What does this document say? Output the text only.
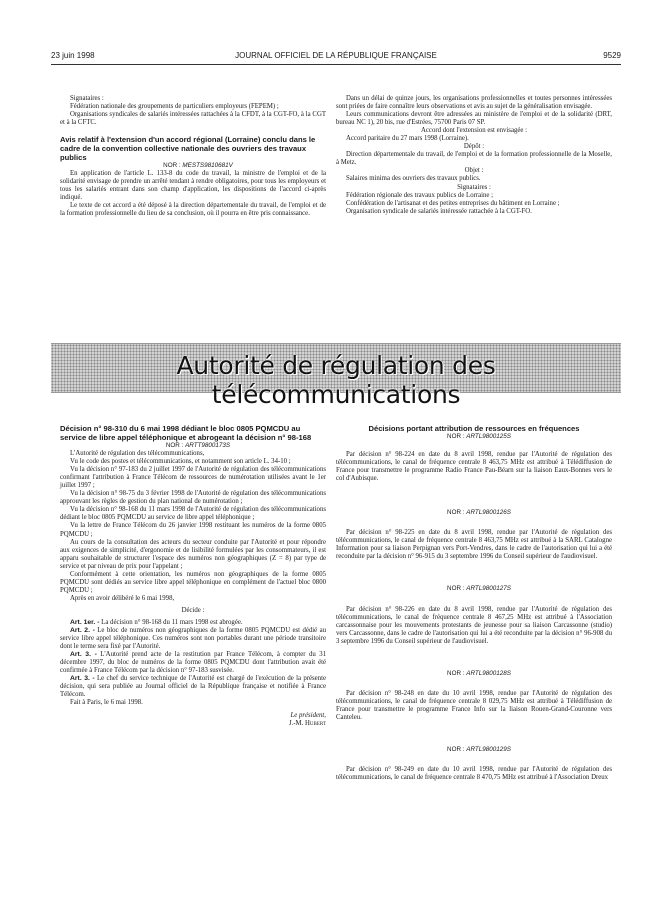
23 juin 1998	JOURNAL OFFICIEL DE LA RÉPUBLIQUE FRANÇAISE	9529

Signataires :

Fédération nationale des groupements de particuliers employeurs (FEPEM) ;

Organisations syndicales de salariés intéressées rattachées à la CFDT, à la CGT-FO, à la CGT et à la CFTC.

Avis relatif à l'extension d'un accord régional (Lorraine) conclu dans le cadre de la convention collective nationale des ouvriers des travaux publics

NOR : MESTS9810681V

En application de l'article L. 133-8 du code du travail, la ministre de l'emploi et de la solidarité envisage de prendre un arrêté tendant à rendre obligatoires, pour tous les employeurs et tous les salariés entrant dans son champ d'application, les dispositions de l'accord ci-après indiqué.

Le texte de cet accord a été déposé à la direction départementale du travail, de l'emploi et de la formation professionnelle du lieu de sa conclusion, où il pourra en être pris connaissance.

Dans un délai de quinze jours, les organisations professionnelles et toutes personnes intéressées sont priées de faire connaître leurs observations et avis au sujet de la généralisation envisagée.

Leurs communications devront être adressées au ministère de l'emploi et de la solidarité (DRT, bureau NC 1), 20 bis, rue d'Estrées, 75700 Paris 07 SP.

Accord dont l'extension est envisagée :

Accord paritaire du 27 mars 1998 (Lorraine).

Dépôt :

Direction départementale du travail, de l'emploi et de la formation professionnelle de la Moselle, à Metz.

Objet :

Salaires minima des ouvriers des travaux publics.

Signataires :

Fédération régionale des travaux publics de Lorraine ;

Confédération de l'artisanat et des petites entreprises du bâtiment en Lorraine ;

Organisation syndicale de salariés intéressée rattachée à la CGT-FO.

Autorité de régulation des télécommunications

Décision n° 98-310 du 6 mai 1998 dédiant le bloc 0805 PQMCDU au service de libre appel téléphonique et abrogeant la décision n° 98-168

NOR : ARTT9800173S

L'Autorité de régulation des télécommunications,

Vu le code des postes et télécommunications, et notamment son article L. 34-10 ;

Vu la décision n° 97-183 du 2 juillet 1997 de l'Autorité de régulation des télécommunications confirmant l'attribution à France Télécom de ressources de numérotation utilisées avant le 1er juillet 1997 ;

Vu la décision n° 98-75 du 3 février 1998 de l'Autorité de régulation des télécommunications approuvant les règles de gestion du plan national de numérotation ;

Vu la décision n° 98-168 du 11 mars 1998 de l'Autorité de régulation des télécommunications dédiant le bloc 0805 PQMCDU au service de libre appel téléphonique ;

Vu la lettre de France Télécom du 26 janvier 1998 restituant les numéros de la forme 0805 PQMCDU ;

Au cours de la consultation des acteurs du secteur conduite par l'Autorité et pour répondre aux exigences de simplicité, d'ergonomie et de lisibilité formulées par les consommateurs, il est apparu souhaitable de structurer l'espace des numéros non géographiques (Z = 8) par type de service et par niveau de prix pour l'appelant ;

Conformément à cette orientation, les numéros non géographiques de la forme 0805 PQMCDU sont dédiés au service libre appel téléphonique en complément de l'actuel bloc 0800 PQMCDU ;

Après en avoir délibéré le 6 mai 1998,

Décide :

Art. 1er. - La décision n° 98-168 du 11 mars 1998 est abrogée.

Art. 2. - Le bloc de numéros non géographiques de la forme 0805 PQMCDU est dédié au service libre appel téléphonique. Ces numéros sont non portables durant une période transitoire dont le terme sera fixé par l'Autorité.

Art. 3. - L'Autorité prend acte de la restitution par France Télécom, à compter du 31 décembre 1997, du bloc de numéros de la forme 0805 PQMCDU dont l'attribution avait été confirmée à France Télécom par la décision n° 97-183 susvisée.

Art. 3. - Le chef du service technique de l'Autorité est chargé de l'exécution de la présente décision, qui sera publiée au Journal officiel de la République française et notifiée à France Télécom.

Fait à Paris, le 6 mai 1998.

Le président,

J.-M. Hubert

Décisions portant attribution de ressources en fréquences

NOR : ARTL9800125S

Par décision n° 98-224 en date du 8 avril 1998, rendue par l'Autorité de régulation des télécommunications, le canal de fréquence centrale 8 463,75 MHz est attribué à Télédiffusion de France pour transmettre le programme Radio France Pau-Béarn sur la liaison Eaux-Bonnes vers le col d'Aubisque.

NOR : ARTL9800126S

Par décision n° 98-225 en date du 8 avril 1998, rendue par l'Autorité de régulation des télécommunications, le canal de fréquence centrale 8 463,75 MHz est attribué à la SARL Catalogne Information pour sa liaison Perpignan vers Port-Vendres, dans le cadre de l'autorisation qui lui a été reconduite par la décision n° 96-915 du 3 septembre 1996 du Conseil supérieur de l'audiovisuel.

NOR : ARTL9800127S

Par décision n° 98-226 en date du 8 avril 1998, rendue par l'Autorité de régulation des télécommunications, le canal de fréquence centrale 8 467,25 MHz est attribué à l'Association carcassonnaise pour les mouvements protestants de jeunesse pour sa liaison Carcassonne (studio) vers Carcassonne, dans le cadre de l'autorisation qui lui a été reconduite par la décision n° 96-908 du 3 septembre 1996 du Conseil supérieur de l'audiovisuel.

NOR : ARTL9800128S

Par décision n° 98-248 en date du 10 avril 1998, rendue par l'Autorité de régulation des télécommunications, le canal de fréquence centrale 8 029,75 MHz est attribué à Télédiffusion de France pour transmettre le programme France Info sur la liaison Rouen-Grand-Couronne vers Canteleu.

NOR : ARTL9800129S

Par décision n° 98-249 en date du 10 avril 1998, rendue par l'Autorité de régulation des télécommunications, le canal de fréquence centrale 8 470,75 MHz est attribué à l'Association Dreux
